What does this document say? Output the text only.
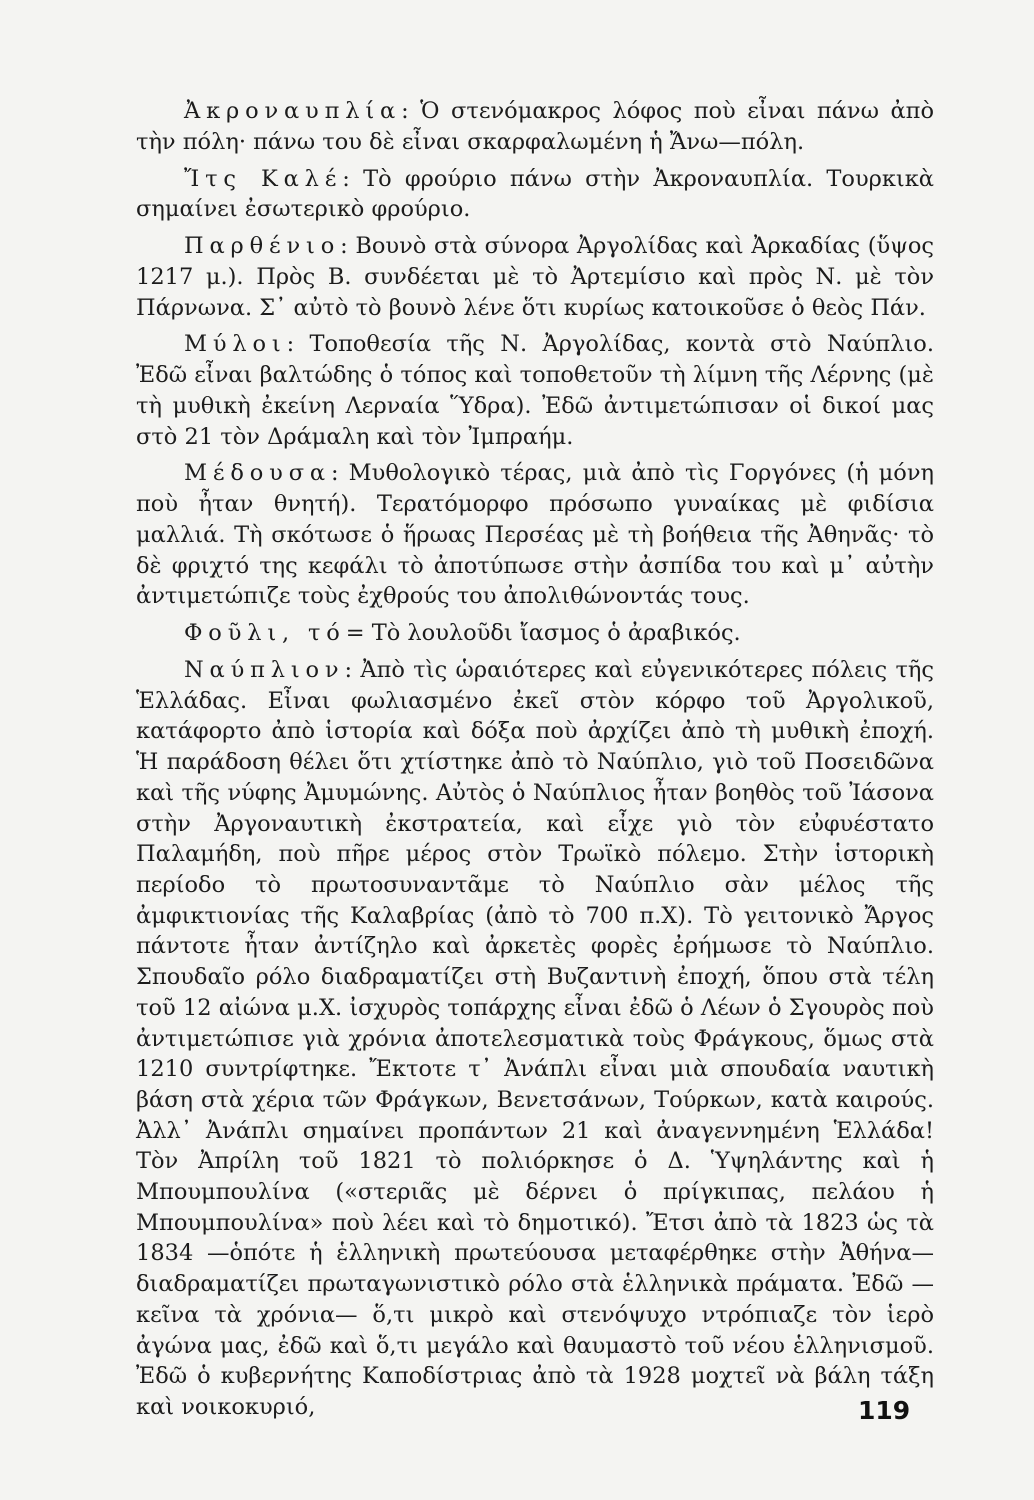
Ἀκροναυπλία: Ὁ στενόμακρος λόφος ποὺ εἶναι πάνω ἀπὸ τὴν πόλη· πάνω του δὲ εἶναι σκαρφαλωμένη ἡ Ἄνω—πόλη.

Ἴτς Καλέ: Τὸ φρούριο πάνω στὴν Ἀκροναυπλία. Τουρκικὰ σημαίνει ἐσωτερικὸ φρούριο.

Παρθένιο: Βουνὸ στὰ σύνορα Ἀργολίδας καὶ Ἀρκαδίας (ὕψος 1217 μ.). Πρὸς Β. συνδέεται μὲ τὸ Ἀρτεμίσιο καὶ πρὸς Ν. μὲ τὸν Πάρνωνα. Σ᾿ αὐτὸ τὸ βουνὸ λένε ὅτι κυρίως κατοικοῦσε ὁ θεὸς Πάν.

Μύλοι: Τοποθεσία τῆς Ν. Ἀργολίδας, κοντὰ στὸ Ναύπλιο. Ἐδῶ εἶναι βαλτώδης ὁ τόπος καὶ τοποθετοῦν τὴ λίμνη τῆς Λέρνης (μὲ τὴ μυθικὴ ἐκείνη Λερναία Ὕδρα). Ἐδῶ ἀντιμετώπισαν οἱ δικοί μας στὸ 21 τὸν Δράμαλη καὶ τὸν Ἰμπραήμ.

Μέδουσα: Μυθολογικὸ τέρας, μιὰ ἀπὸ τὶς Γοργόνες (ἡ μόνη ποὺ ἦταν θνητή). Τερατόμορφο πρόσωπο γυναίκας μὲ φιδίσια μαλλιά. Τὴ σκότωσε ὁ ἥρωας Περσέας μὲ τὴ βοήθεια τῆς Ἀθηνᾶς· τὸ δὲ φριχτό της κεφάλι τὸ ἀποτύπωσε στὴν ἀσπίδα του καὶ μ᾿ αὐτὴν ἀντιμετώπιζε τοὺς ἐχθρούς του ἀπολιθώνοντάς τους.

Φοῦλι, τό= Τὸ λουλοῦδι ἴασμος ὁ ἀραβικός.

Ναύπλιον: Ἀπὸ τὶς ὡραιότερες καὶ εὐγενικότερες πόλεις τῆς Ἑλλάδας. Εἶναι φωλιασμένο ἐκεῖ στὸν κόρφο τοῦ Ἀργολικοῦ, κατάφορτο ἀπὸ ἱστορία καὶ δόξα ποὺ ἀρχίζει ἀπὸ τὴ μυθικὴ ἐποχή. Ἡ παράδοση θέλει ὅτι χτίστηκε ἀπὸ τὸ Ναύπλιο, γιὸ τοῦ Ποσειδῶνα καὶ τῆς νύφης Ἀμυμώνης. Αὐτὸς ὁ Ναύπλιος ἦταν βοηθὸς τοῦ Ἰάσονα στὴν Ἀργοναυτικὴ ἐκστρατεία, καὶ εἶχε γιὸ τὸν εὐφυέστατο Παλαμήδη, ποὺ πῆρε μέρος στὸν Τρωϊκὸ πόλεμο. Στὴν ἱστορικὴ περίοδο τὸ πρωτοσυναντᾶμε τὸ Ναύπλιο σὰν μέλος τῆς ἀμφικτιονίας τῆς Καλαβρίας (ἀπὸ τὸ 700 π.Χ). Τὸ γειτονικὸ Ἄργος πάντοτε ἦταν ἀντίζηλο καὶ ἀρκετὲς φορὲς ἐρήμωσε τὸ Ναύπλιο. Σπουδαῖο ρόλο διαδραματίζει στὴ Βυζαντινὴ ἐποχή, ὅπου στὰ τέλη τοῦ 12 αἰώνα μ.Χ. ἰσχυρὸς τοπάρχης εἶναι ἐδῶ ὁ Λέων ὁ Σγουρὸς ποὺ ἀντιμετώπισε γιὰ χρόνια ἀποτελεσματικὰ τοὺς Φράγκους, ὅμως στὰ 1210 συντρίφτηκε. Ἔκτοτε τ᾿ Ἀνάπλι εἶναι μιὰ σπουδαία ναυτικὴ βάση στὰ χέρια τῶν Φράγκων, Βενετσάνων, Τούρκων, κατὰ καιρούς. Ἀλλ᾿ Ἀνάπλι σημαίνει προπάντων 21 καὶ ἀναγεννημένη Ἑλλάδα! Τὸν Ἀπρίλη τοῦ 1821 τὸ πολιόρκησε ὁ Δ. Ὑψηλάντης καὶ ἡ Μπουμπουλίνα («στεριᾶς μὲ δέρνει ὁ πρίγκιπας, πελάου ἡ Μπουμπουλίνα» ποὺ λέει καὶ τὸ δημοτικό). Ἔτσι ἀπὸ τὰ 1823 ὡς τὰ 1834 —ὁπότε ἡ ἑλληνικὴ πρωτεύουσα μεταφέρθηκε στὴν Ἀθήνα— διαδραματίζει πρωταγωνιστικὸ ρόλο στὰ ἑλληνικὰ πράματα. Ἐδῶ —κεῖνα τὰ χρόνια— ὅ,τι μικρὸ καὶ στενόψυχο ντρόπιαζε τὸν ἱερὸ ἀγώνα μας, ἐδῶ καὶ ὅ,τι μεγάλο καὶ θαυμαστὸ τοῦ νέου ἑλληνισμοῦ. Ἐδῶ ὁ κυβερνήτης Καποδίστριας ἀπὸ τὰ 1928 μοχτεῖ νὰ βάλη τάξη καὶ νοικοκυριό,	119
